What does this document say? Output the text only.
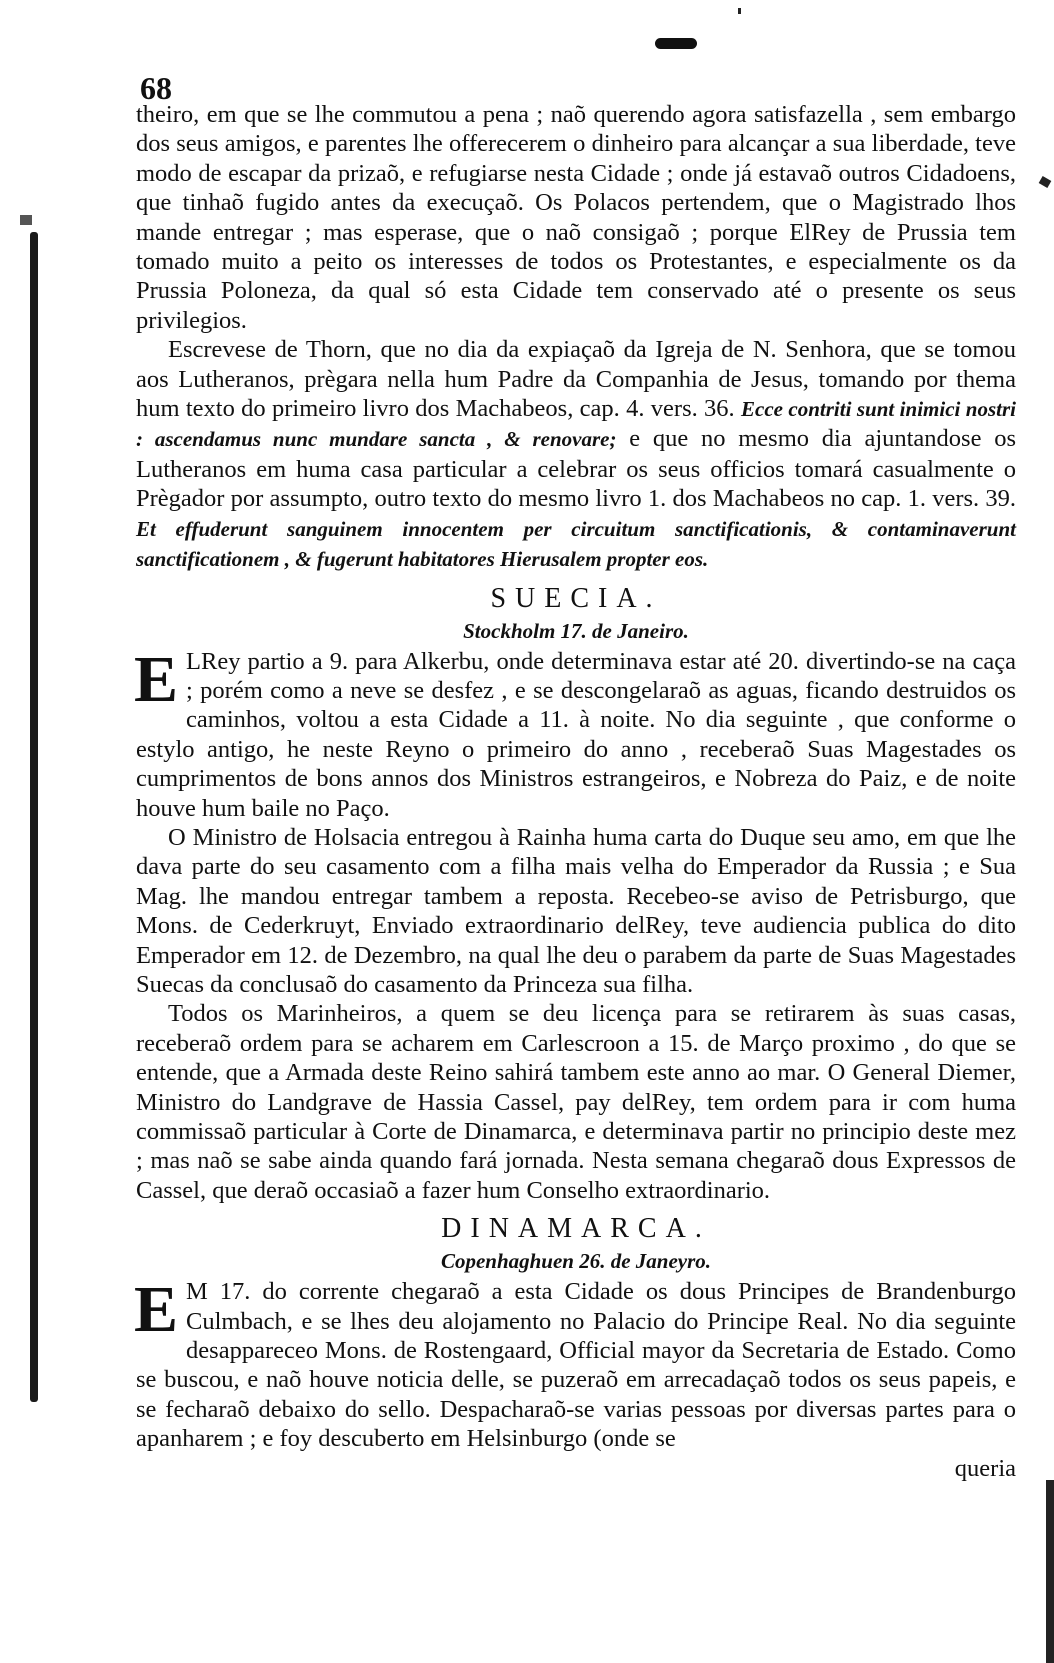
68

theiro, em que se lhe commutou a pena ; naõ querendo agora satisfazella , sem embargo dos seus amigos, e parentes lhe offerecerem o dinheiro para alcançar a sua liberdade, teve modo de escapar da prizaõ, e refugiarse nesta Cidade ; onde já estavaõ outros Cidadoens, que tinhaõ fugido antes da execuçaõ. Os Polacos pertendem, que o Magistrado lhos mande entregar ; mas esperase, que o naõ consigaõ ; porque ElRey de Prussia tem tomado muito a peito os interesses de todos os Protestantes, e especialmente os da Prussia Poloneza, da qual só esta Cidade tem conservado até o presente os seus privilegios.

Escrevese de Thorn, que no dia da expiaçaõ da Igreja de N. Senhora, que se tomou aos Lutheranos, prègara nella hum Padre da Companhia de Jesus, tomando por thema hum texto do primeiro livro dos Machabeos, cap. 4. vers. 36. Ecce contriti sunt inimici nostri : ascendamus nunc mundare sancta , & renovare; e que no mesmo dia ajuntandose os Lutheranos em huma casa particular a celebrar os seus officios tomará casualmente o Prègador por assumpto, outro texto do mesmo livro 1. dos Machabeos no cap. 1. vers. 39. Et effuderunt sanguinem innocentem per circuitum sanctificationis, & contaminaverunt sanctificationem , & fugerunt habitatores Hierusalem propter eos.

SUECIA.
Stockholm 17. de Janeiro.

E LRey partio a 9. para Alkerbu, onde determinava estar até 20. divertindo-se na caça ; porém como a neve se desfez , e se descongelaraõ as aguas, ficando destruidos os caminhos, voltou a esta Cidade a 11. à noite. No dia seguinte , que conforme o estylo antigo, he neste Reyno o primeiro do anno , receberaõ Suas Magestades os cumprimentos de bons annos dos Ministros estrangeiros, e Nobreza do Paiz, e de noite houve hum baile no Paço.

O Ministro de Holsacia entregou à Rainha huma carta do Duque seu amo, em que lhe dava parte do seu casamento com a filha mais velha do Emperador da Russia ; e Sua Mag. lhe mandou entregar tambem a reposta. Recebeo-se aviso de Petrisburgo, que Mons. de Cederkruyt, Enviado extraordinario delRey, teve audiencia publica do dito Emperador em 12. de Dezembro, na qual lhe deu o parabem da parte de Suas Magestades Suecas da conclusaõ do casamento da Princeza sua filha.

Todos os Marinheiros, a quem se deu licença para se retirarem às suas casas, receberaõ ordem para se acharem em Carlescroon a 15. de Março proximo , do que se entende, que a Armada deste Reino sahirá tambem este anno ao mar. O General Diemer, Ministro do Landgrave de Hassia Cassel, pay delRey, tem ordem para ir com huma commissaõ particular à Corte de Dinamarca, e determinava partir no principio deste mez ; mas naõ se sabe ainda quando fará jornada. Nesta semana chegaraõ dous Expressos de Cassel, que deraõ occasiaõ a fazer hum Conselho extraordinario.

DINAMARCA.
Copenhaghuen 26. de Janeyro.

E M 17. do corrente chegaraõ a esta Cidade os dous Principes de Brandenburgo Culmbach, e se lhes deu alojamento no Palacio do Principe Real. No dia seguinte desappareceo Mons. de Rostengaard, Official mayor da Secretaria de Estado. Como se buscou, e naõ houve noticia delle, se puzeraõ em arrecadaçaõ todos os seus papeis, e se fecharaõ debaixo do sello. Despacharaõ-se varias pessoas por diversas partes para o apanharem ; e foy descuberto em Helsinburgo (onde se

queria
